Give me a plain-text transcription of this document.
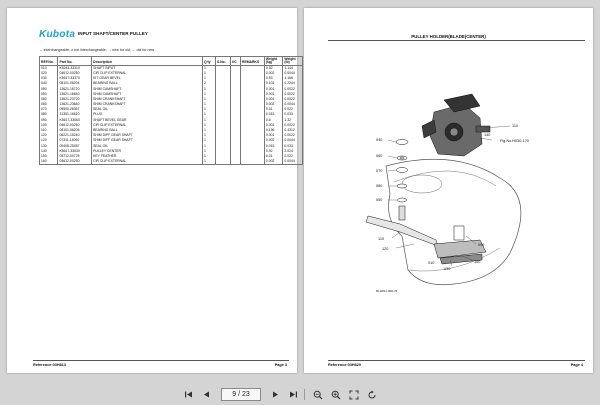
Kubota INPUT SHAFT/CENTER PULLEY
↔ interchangeable; ≠ not interchangeable; → new for old; ← old for new
REF.No.	Part No.	Description	Q'ty	S.No.	I/C	REMARKS	Weight (kg)	Weight (lb)
010	K5243-33310	SHAFT INPUT	1				0.52	1.144
020	04612-00250	CIR CLIP EXTERNAL	1				0.002	0.0044
030	K5617-33370	KIT GEAR BEVEL	1				0.53	1.166
040	08101-06204	BEARING BALL	2				0.102	0.2244
050	13621-16720	SHIM CAMSHAFT	1				0.001	0.0022
050	13621-16640	SHIM CAMSHAFT	1				0.001	0.0022
060	13621-23720	SHIM CRANKSHAFT	1				0.001	0.0022
060	13621-23640	SHIM CRANKSHAFT	1				0.002	0.0044
070	09500-28357	SEAL OIL	1				0.01	0.022
080	31351-16610	PLUG	1				0.015	0.033
090	K5617-33560	SHAFT BEVEL GEAR	1				0.6	1.32
100	04612-00250	CIR CLIP EXTERNAL	1				0.001	0.0022
110	08101-06206	BEARING BALL	1				0.196	0.4312
120	06221-15240	SHIM DIFF GEAR SHAFT	1				0.001	0.0022
120	07311-14090	SHIM DIFF GEAR SHAFT	1				0.002	0.0044
130	09408-25457	SEAL OIL	1				0.015	0.033
140	K5617-33530	PULLEY CENTER	1				0.92	2.024
150	05712-00725	KEY FEATHER	1				0.01	0.022
160	04612-00250	CIR CLIP EXTERNAL	1				0.002	0.0044
Reference:03H813	Page 3
PULLEY HOLDER(BLADE(CENTER)
040
060
070
080
050
110
140
Fig.No.H030-170
110
120
090
100
030
010
RI-H811-000-70
Reference:03H820	Page 4
9 / 23
